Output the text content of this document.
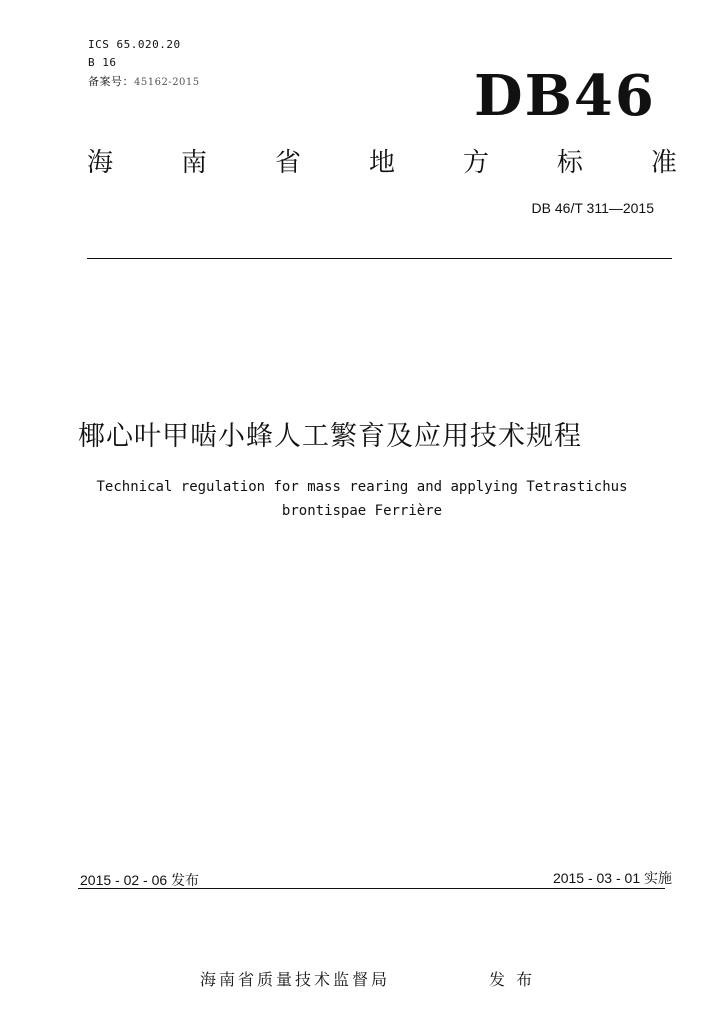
ICS 65.020.20
B 16
备案号：45162-2015	DB46
海	南	省	地	方	标	准
DB 46/T 311—2015
椰心叶甲啮小蜂人工繁育及应用技术规程
Technical regulation for mass rearing and applying Tetrastichus
brontispae Ferrière
2015 - 02 - 06 发布	2015 - 03 - 01 实施
海南省质量技术监督局	发 布
